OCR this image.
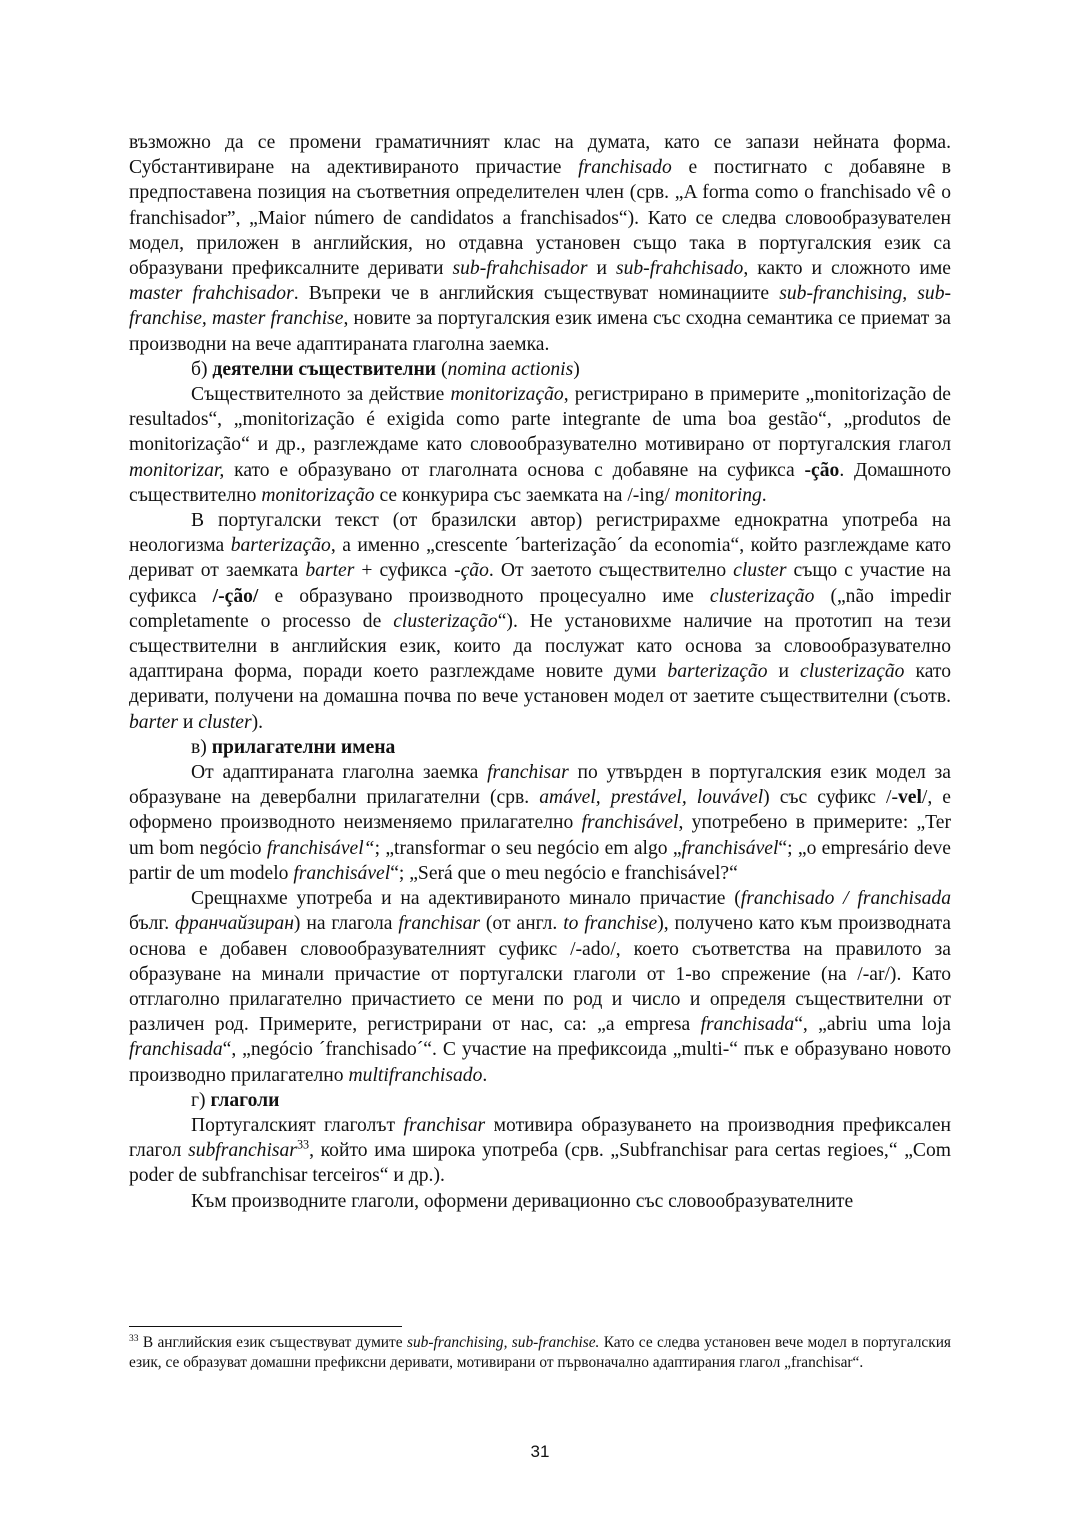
възможно да се промени граматичният клас на думата, като се запази нейната форма. Субстантивиране на адективираното причастие franchisado е постигнато с добавяне в предпоставена позиция на съответния определителен член (срв. „A forma como o franchisado vê o franchisador”, „Maior número de candidatos a franchisados“). Като се следва словообразувателен модел, приложен в английския, но отдавна установен също така в португалския език са образувани префиксалните деривати sub-frahchisador и sub-frahchisado, както и сложното име master frahchisador. Въпреки че в английския съществуват номинациите sub-franchising, sub-franchise, master franchise, новите за португалския език имена със сходна семантика се приемат за производни на вече адаптираната глаголна заемка.

б) деятелни съществителни (nomina actionis)

Съществителното за действие monitorização, регистрирано в примерите „monitorização de resultados“, „monitorização é exigida como parte integrante de uma boa gestão“, „produtos de monitorização“ и др., разглеждаме като словообразувателно мотивирано от португалския глагол monitorizar, като е образувано от глаголната основа с добавяне на суфикса -ção. Домашното съществително monitorização се конкурира със заемката на /-ing/ monitoring.

В португалски текст (от бразилски автор) регистрирахме еднократна употреба на неологизма barterização, а именно „crescente ´barterização´ da economia“, който разглеждаме като дериват от заемката barter + суфикса -ção. От заетото съществително cluster също с участие на суфикса /-ção/ е образувано производното процесуално име clusterização („não impedir completamente o processo de clusterização“). Не установихме наличие на прототип на тези съществителни в английския език, които да послужат като основа за словообразувателно адаптирана форма, поради което разглеждаме новите думи barterização и clusterização като деривати, получени на домашна почва по вече установен модел от заетите съществителни (съотв. barter и cluster).

в) прилагателни имена

От адаптираната глаголна заемка franchisar по утвърден в португалския език модел за образуване на девербални прилагателни (срв. amável, prestável, louvável) със суфикс /-vel/, е оформено производното неизменяемо прилагателно franchisável, употребено в примерите: „Ter um bom negócio franchisável“; „transformar o seu negócio em algo „franchisável“; „o empresário deve partir de um modelo franchisável“; „Será que o meu negócio e franchisável?“

Срещнахме употреба и на адективираното минало причастие (franchisado / franchisada бълг. франчайзиран) на глагола franchisar (от англ. to franchise), получено като към производната основа е добавен словообразувателният суфикс /-ado/, което съответства на правилото за образуване на минали причастие от португалски глаголи от 1-во спрежение (на /-ar/). Като отглаголно прилагателно причастието се мени по род и число и определя съществителни от различен род. Примерите, регистрирани от нас, са: „a empresa franchisada“, „abriu uma loja franchisada“, „negócio ´franchisado´“. С участие на префиксоида „multi-“ пък е образувано новото производно прилагателно multifranchisado.

г) глаголи

Португалският глаголът franchisar мотивира образуването на производния префиксален глагол subfranchisar$^{33}$, който има широка употреба (срв. „Subfranchisar para certas regioes,“ „Com poder de subfranchisar terceiros“ и др.).

Към производните глаголи, оформени деривационно със словообразувателните

$^{33}$ В английския език съществуват думите sub-franchising, sub-franchise. Като се следва установен вече модел в португалския език, се образуват домашни префиксни деривати, мотивирани от първоначално адаптирания глагол „franchisar“.

31
